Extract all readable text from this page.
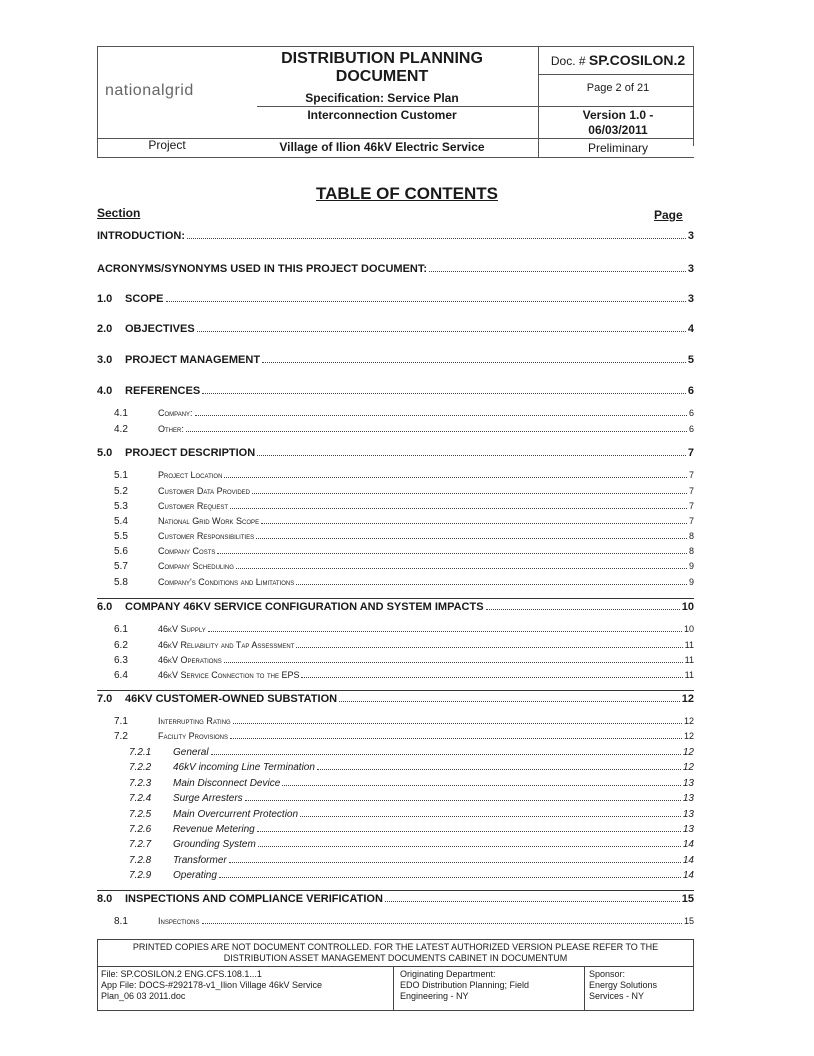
nationalgrid
DISTRIBUTION PLANNING
DOCUMENT
Specification: Service Plan
Interconnection Customer
Project	Village of Ilion 46kV Electric Service
Doc. # SP.COSILON.2
Page 2 of 21
Version 1.0 -
06/03/2011
Preliminary
TABLE OF CONTENTS
Section	Page
INTRODUCTION:	3
ACRONYMS/SYNONYMS USED IN THIS PROJECT DOCUMENT:	3
1.0	SCOPE	3
2.0	OBJECTIVES	4
3.0	PROJECT MANAGEMENT	5
4.0	REFERENCES	6
4.1	Company:	6
4.2	Other:	6
5.0	PROJECT DESCRIPTION	7
5.1	Project Location	7
5.2	Customer Data Provided	7
5.3	Customer Request	7
5.4	National Grid Work Scope	7
5.5	Customer Responsibilities	8
5.6	Company Costs	8
5.7	Company Scheduling	9
5.8	Company's Conditions and Limitations	9
6.0	COMPANY 46KV SERVICE CONFIGURATION AND SYSTEM IMPACTS	10
6.1	46kV Supply	10
6.2	46kV Reliability and Tap Assessment	11
6.3	46kV Operations	11
6.4	46kV Service Connection to the EPS	11
7.0	46KV CUSTOMER-OWNED SUBSTATION	12
7.1	Interrupting Rating	12
7.2	Facility Provisions	12
7.2.1	General	12
7.2.2	46kV incoming Line Termination	12
7.2.3	Main Disconnect Device	13
7.2.4	Surge Arresters	13
7.2.5	Main Overcurrent Protection	13
7.2.6	Revenue Metering	13
7.2.7	Grounding System	14
7.2.8	Transformer	14
7.2.9	Operating	14
8.0	INSPECTIONS AND COMPLIANCE VERIFICATION	15
8.1	Inspections	15
PRINTED COPIES ARE NOT DOCUMENT CONTROLLED. FOR THE LATEST AUTHORIZED VERSION PLEASE REFER TO THE
DISTRIBUTION ASSET MANAGEMENT DOCUMENTS CABINET IN DOCUMENTUM
File: SP.COSILON.2 ENG.CFS.108.1...1
App File: DOCS-#292178-v1_Ilion Village 46kV Service
Plan_06 03 2011.doc
Originating Department:
EDO Distribution Planning; Field
Engineering - NY
Sponsor:
Energy Solutions
Services - NY
